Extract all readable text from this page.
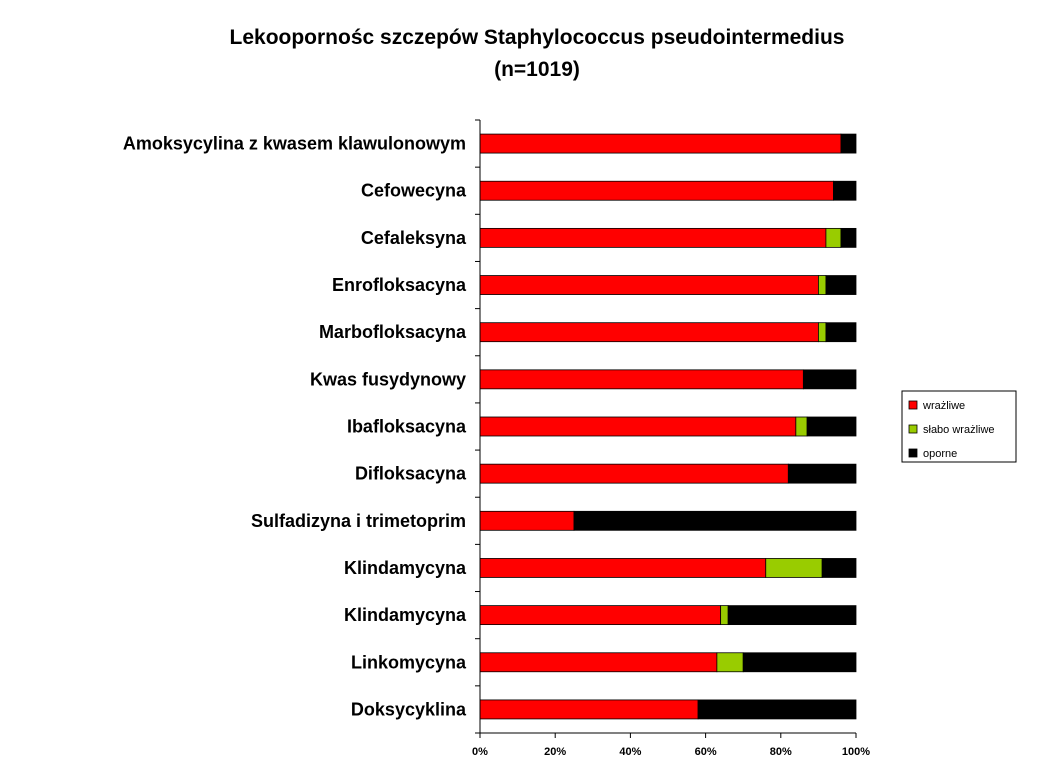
Lekoopornośc szczepów Staphylococcus pseudointermedius
(n=1019)
Amoksycylina z kwasem klawulonowym
Cefowecyna
Cefaleksyna
Enrofloksacyna
Marbofloksacyna
Kwas fusydynowy
Ibafloksacyna
Difloksacyna
Sulfadizyna i trimetoprim
Klindamycyna
Klindamycyna
Linkomycyna
Doksycyklina
0%	20%	40%	60%	80%	100%
wrażliwe
słabo wrażliwe
oporne
